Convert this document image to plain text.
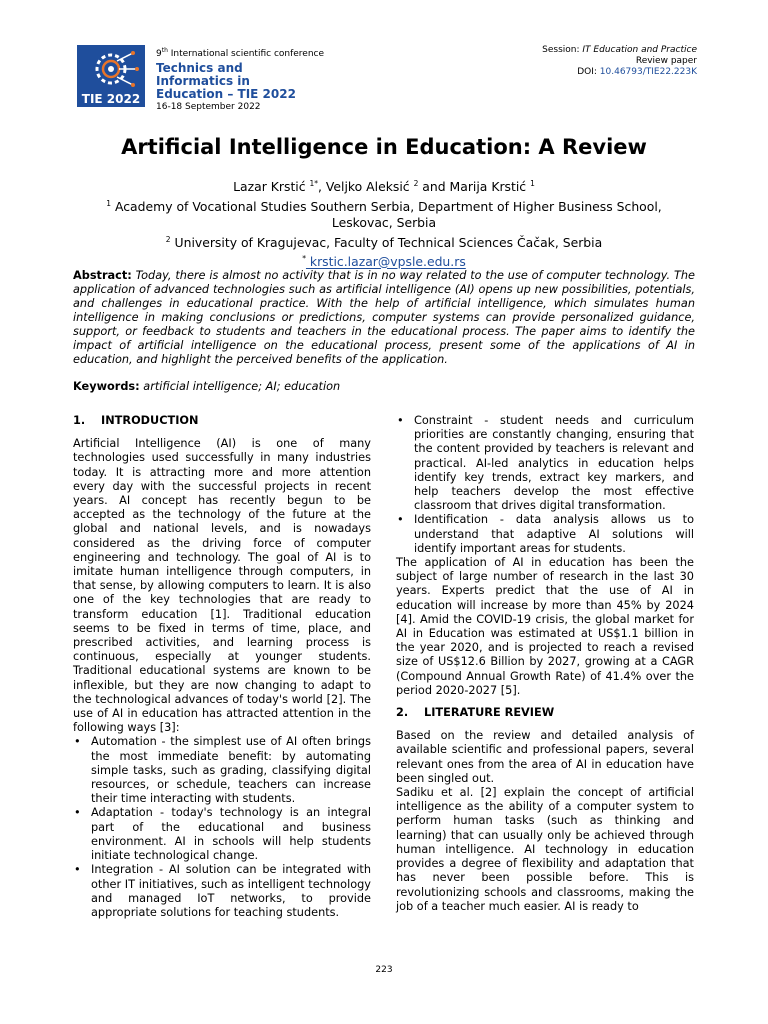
TIE 2022
9th International scientific conference
Technics and
Informatics in
Education – TIE 2022
16-18 September 2022
Session: IT Education and Practice
Review paper
DOI: 10.46793/TIE22.223K
Artificial Intelligence in Education: A Review
Lazar Krstić $^{1*}$, Veljko Aleksić $^2$ and Marija Krstić $^1$
$^1$ Academy of Vocational Studies Southern Serbia, Department of Higher Business School, Leskovac, Serbia
$^2$ University of Kragujevac, Faculty of Technical Sciences Čačak, Serbia
* krstic.lazar@vpsle.edu.rs
Abstract: Today, there is almost no activity that is in no way related to the use of computer technology. The application of advanced technologies such as artificial intelligence (AI) opens up new possibilities, potentials, and challenges in educational practice. With the help of artificial intelligence, which simulates human intelligence in making conclusions or predictions, computer systems can provide personalized guidance, support, or feedback to students and teachers in the educational process. The paper aims to identify the impact of artificial intelligence on the educational process, present some of the applications of AI in education, and highlight the perceived benefits of the application.
Keywords: artificial intelligence; AI; education
1. INTRODUCTION

Artificial Intelligence (AI) is one of many technologies used successfully in many industries today. It is attracting more and more attention every day with the successful projects in recent years. AI concept has recently begun to be accepted as the technology of the future at the global and national levels, and is nowadays considered as the driving force of computer engineering and technology. The goal of AI is to imitate human intelligence through computers, in that sense, by allowing computers to learn. It is also one of the key technologies that are ready to transform education [1]. Traditional education seems to be fixed in terms of time, place, and prescribed activities, and learning process is continuous, especially at younger students. Traditional educational systems are known to be inflexible, but they are now changing to adapt to the technological advances of today's world [2]. The use of AI in education has attracted attention in the following ways [3]:

• Automation - the simplest use of AI often brings the most immediate benefit: by automating simple tasks, such as grading, classifying digital resources, or schedule, teachers can increase their time interacting with students.
• Adaptation - today's technology is an integral part of the educational and business environment. AI in schools will help students initiate technological change.
• Integration - AI solution can be integrated with other IT initiatives, such as intelligent technology and managed IoT networks, to provide appropriate solutions for teaching students.
• Constraint - student needs and curriculum priorities are constantly changing, ensuring that the content provided by teachers is relevant and practical. AI-led analytics in education helps identify key trends, extract key markers, and help teachers develop the most effective classroom that drives digital transformation.
• Identification - data analysis allows us to understand that adaptive AI solutions will identify important areas for students.

The application of AI in education has been the subject of large number of research in the last 30 years. Experts predict that the use of AI in education will increase by more than 45% by 2024 [4]. Amid the COVID-19 crisis, the global market for AI in Education was estimated at US$1.1 billion in the year 2020, and is projected to reach a revised size of US$12.6 Billion by 2027, growing at a CAGR (Compound Annual Growth Rate) of 41.4% over the period 2020-2027 [5].

2. LITERATURE REVIEW

Based on the review and detailed analysis of available scientific and professional papers, several relevant ones from the area of AI in education have been singled out.

Sadiku et al. [2] explain the concept of artificial intelligence as the ability of a computer system to perform human tasks (such as thinking and learning) that can usually only be achieved through human intelligence. AI technology in education provides a degree of flexibility and adaptation that has never been possible before. This is revolutionizing schools and classrooms, making the job of a teacher much easier. AI is ready to

223
